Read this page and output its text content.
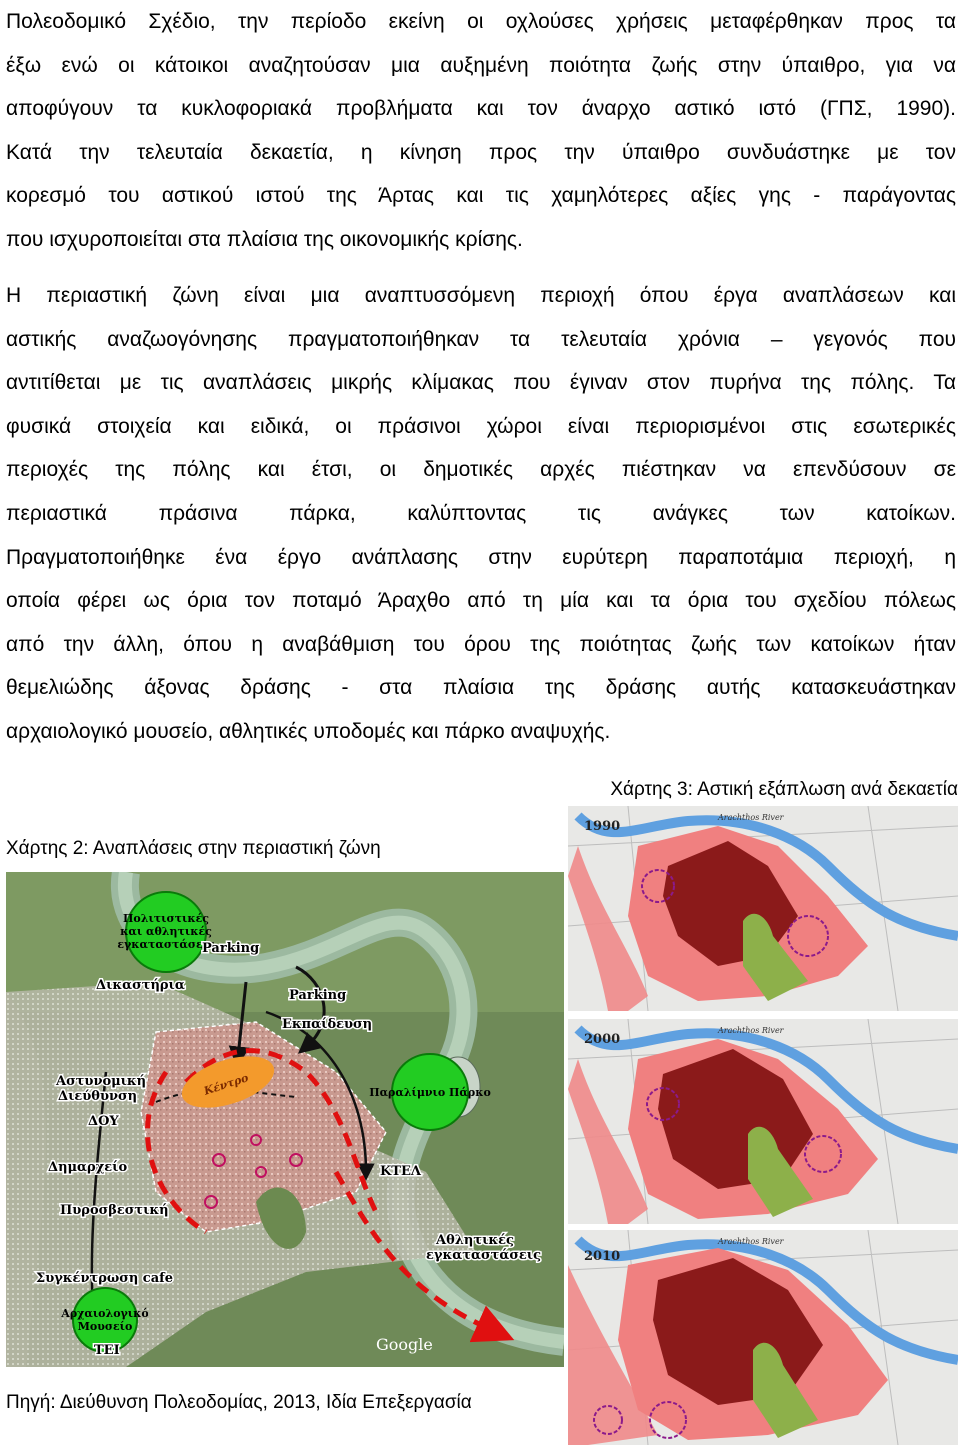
Πολεοδομικό Σχέδιο, την περίοδο εκείνη οι οχλούσες χρήσεις μεταφέρθηκαν προς τα
έξω ενώ οι κάτοικοι αναζητούσαν μια αυξημένη ποιότητα ζωής στην ύπαιθρο, για να
αποφύγουν τα κυκλοφοριακά προβλήματα και τον άναρχο αστικό ιστό (ΓΠΣ, 1990).
Κατά την τελευταία δεκαετία, η κίνηση προς την ύπαιθρο συνδυάστηκε με τον
κορεσμό του αστικού ιστού της Άρτας και τις χαμηλότερες αξίες γης - παράγοντας
που ισχυροποιείται στα πλαίσια της οικονομικής κρίσης.
Η περιαστική ζώνη είναι μια αναπτυσσόμενη περιοχή όπου έργα αναπλάσεων και
αστικής αναζωογόνησης πραγματοποιήθηκαν τα τελευταία χρόνια – γεγονός που
αντιτίθεται με τις αναπλάσεις μικρής κλίμακας που έγιναν στον πυρήνα της πόλης. Τα
φυσικά στοιχεία και ειδικά, οι πράσινοι χώροι είναι περιορισμένοι στις εσωτερικές
περιοχές της πόλης και έτσι, οι δημοτικές αρχές πιέστηκαν να επενδύσουν σε
περιαστικά πράσινα πάρκα, καλύπτοντας τις ανάγκες των κατοίκων.
Πραγματοποιήθηκε ένα έργο ανάπλασης στην ευρύτερη παραποτάμια περιοχή, η
οποία φέρει ως όρια τον ποταμό Άραχθο από τη μία και τα όρια του σχεδίου πόλεως
από την άλλη, όπου η αναβάθμιση του όρου της ποιότητας ζωής των κατοίκων ήταν
θεμελιώδης άξονας δράσης - στα πλαίσια της δράσης αυτής κατασκευάστηκαν
αρχαιολογικό μουσείο, αθλητικές υποδομές και πάρκο αναψυχής.
Χάρτης 3: Αστική εξάπλωση ανά δεκαετία
Χάρτης 2: Αναπλάσεις στην περιαστική ζώνη
Πολιτιστικές
και αθλητικές
εγκαταστάσεις
Παραλίμνιο Πάρκο
Αρχαιολογικό
Μουσείο
Κέντρο
Parking
Δικαστήρια
Parking
Εκπαίδευση
Αστυνομική
Διεύθυνση
ΔΟΥ
Δημαρχείο	ΚΤΕΛ
Πυροσβεστική
Αθλητικές
εγκαταστάσεις
Συγκέντρωση cafe
ΤΕΙ	Google
1990
Arachthos River
2000
Arachthos River
2010
Arachthos River
Πηγή: Διεύθυνση Πολεοδομίας, 2013, Ιδία Επεξεργασία
